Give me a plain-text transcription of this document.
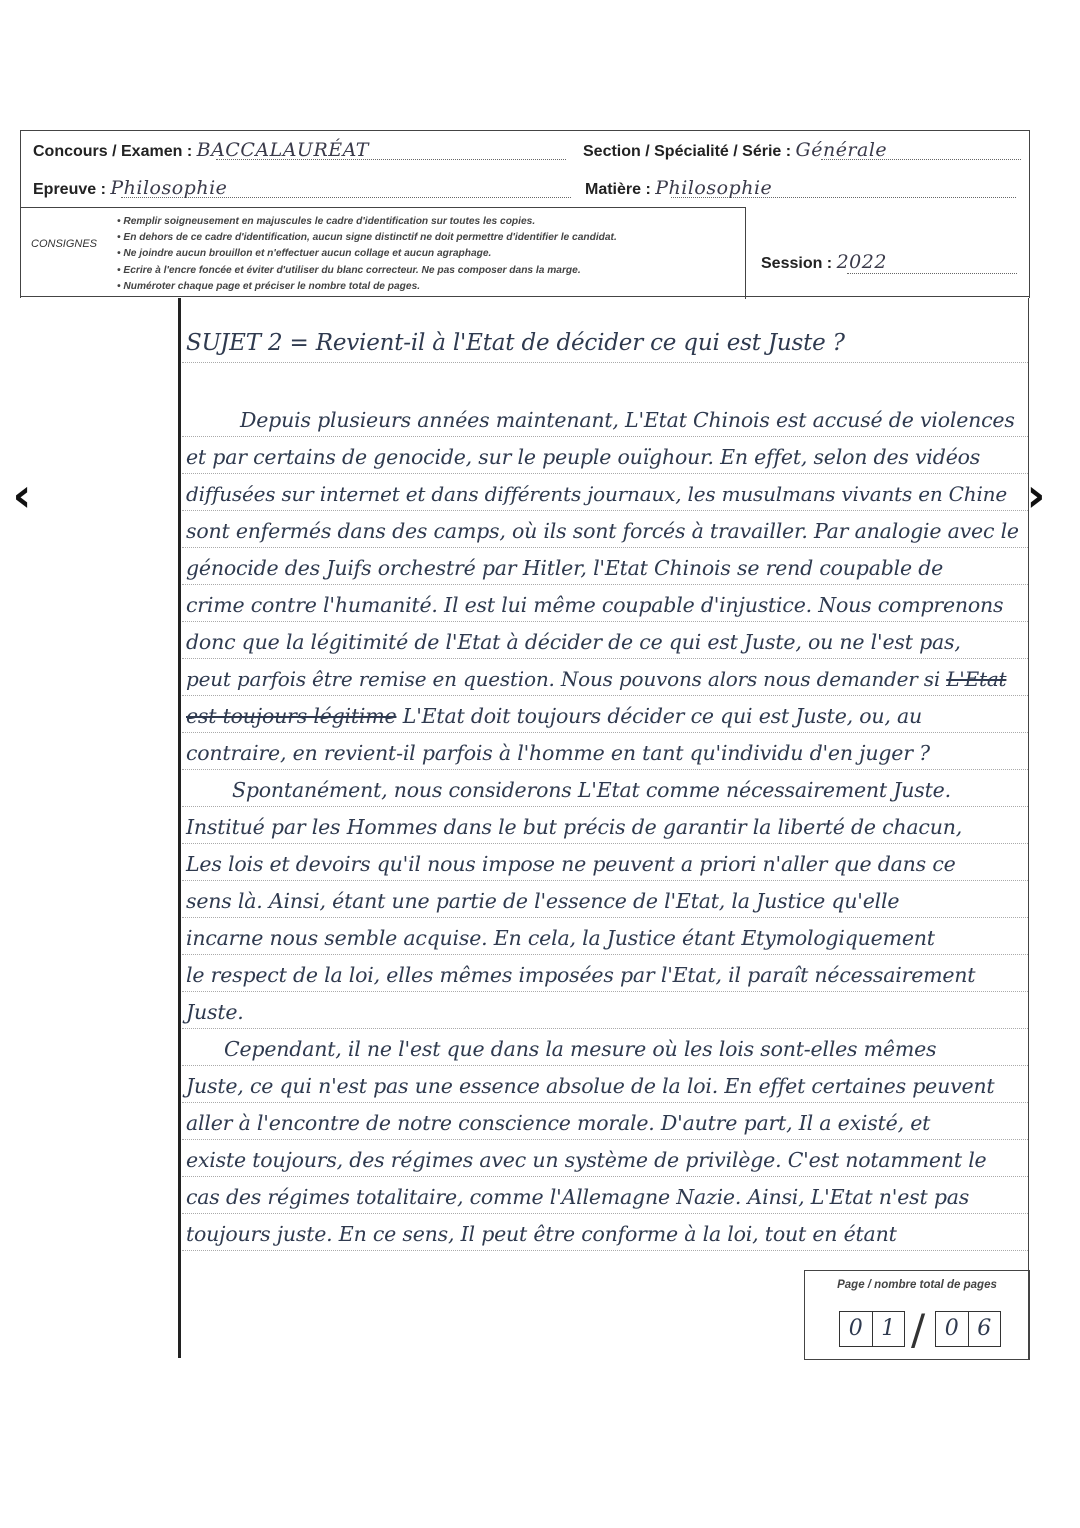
‹	›
Concours / Examen : BACCALAURÉAT	Section / Spécialité / Série : Générale
Epreuve : Philosophie	Matière : Philosophie
CONSIGNES
• Remplir soigneusement en majuscules le cadre d'identification sur toutes les copies.
• En dehors de ce cadre d'identification, aucun signe distinctif ne doit permettre d'identifier le candidat.
• Ne joindre aucun brouillon et n'effectuer aucun collage et aucun agraphage.
• Ecrire à l'encre foncée et éviter d'utiliser du blanc correcteur. Ne pas composer dans la marge.
• Numéroter chaque page et préciser le nombre total de pages.
Session : 2022
SUJET 2 = Revient-il à l'Etat de décider ce qui est Juste ?
Depuis plusieurs années maintenant, L'Etat Chinois est accusé de violences
et par certains de genocide, sur le peuple ouïghour. En effet, selon des vidéos
diffusées sur internet et dans différents journaux, les musulmans vivants en Chine
sont enfermés dans des camps, où ils sont forcés à travailler. Par analogie avec le
génocide des Juifs orchestré par Hitler, l'Etat Chinois se rend coupable de
crime contre l'humanité. Il est lui même coupable d'injustice. Nous comprenons
donc que la légitimité de l'Etat à décider de ce qui est Juste, ou ne l'est pas,
peut parfois être remise en question. Nous pouvons alors nous demander si L'Etat
est toujours légitime L'Etat doit toujours décider ce qui est Juste, ou, au
contraire, en revient-il parfois à l'homme en tant qu'individu d'en juger ?
Spontanément, nous considerons L'Etat comme nécessairement Juste.
Institué par les Hommes dans le but précis de garantir la liberté de chacun,
Les lois et devoirs qu'il nous impose ne peuvent a priori n'aller que dans ce
sens là. Ainsi, étant une partie de l'essence de l'Etat, la Justice qu'elle
incarne nous semble acquise. En cela, la Justice étant Etymologiquement
le respect de la loi, elles mêmes imposées par l'Etat, il paraît nécessairement
Juste.
Cependant, il ne l'est que dans la mesure où les lois sont-elles mêmes
Juste, ce qui n'est pas une essence absolue de la loi. En effet certaines peuvent
aller à l'encontre de notre conscience morale. D'autre part, Il a existé, et
existe toujours, des régimes avec un système de privilège. C'est notamment le
cas des régimes totalitaire, comme l'Allemagne Nazie. Ainsi, L'Etat n'est pas
toujours juste. En ce sens, Il peut être conforme à la loi, tout en étant
Page / nombre total de pages
0 1 / 0 6
